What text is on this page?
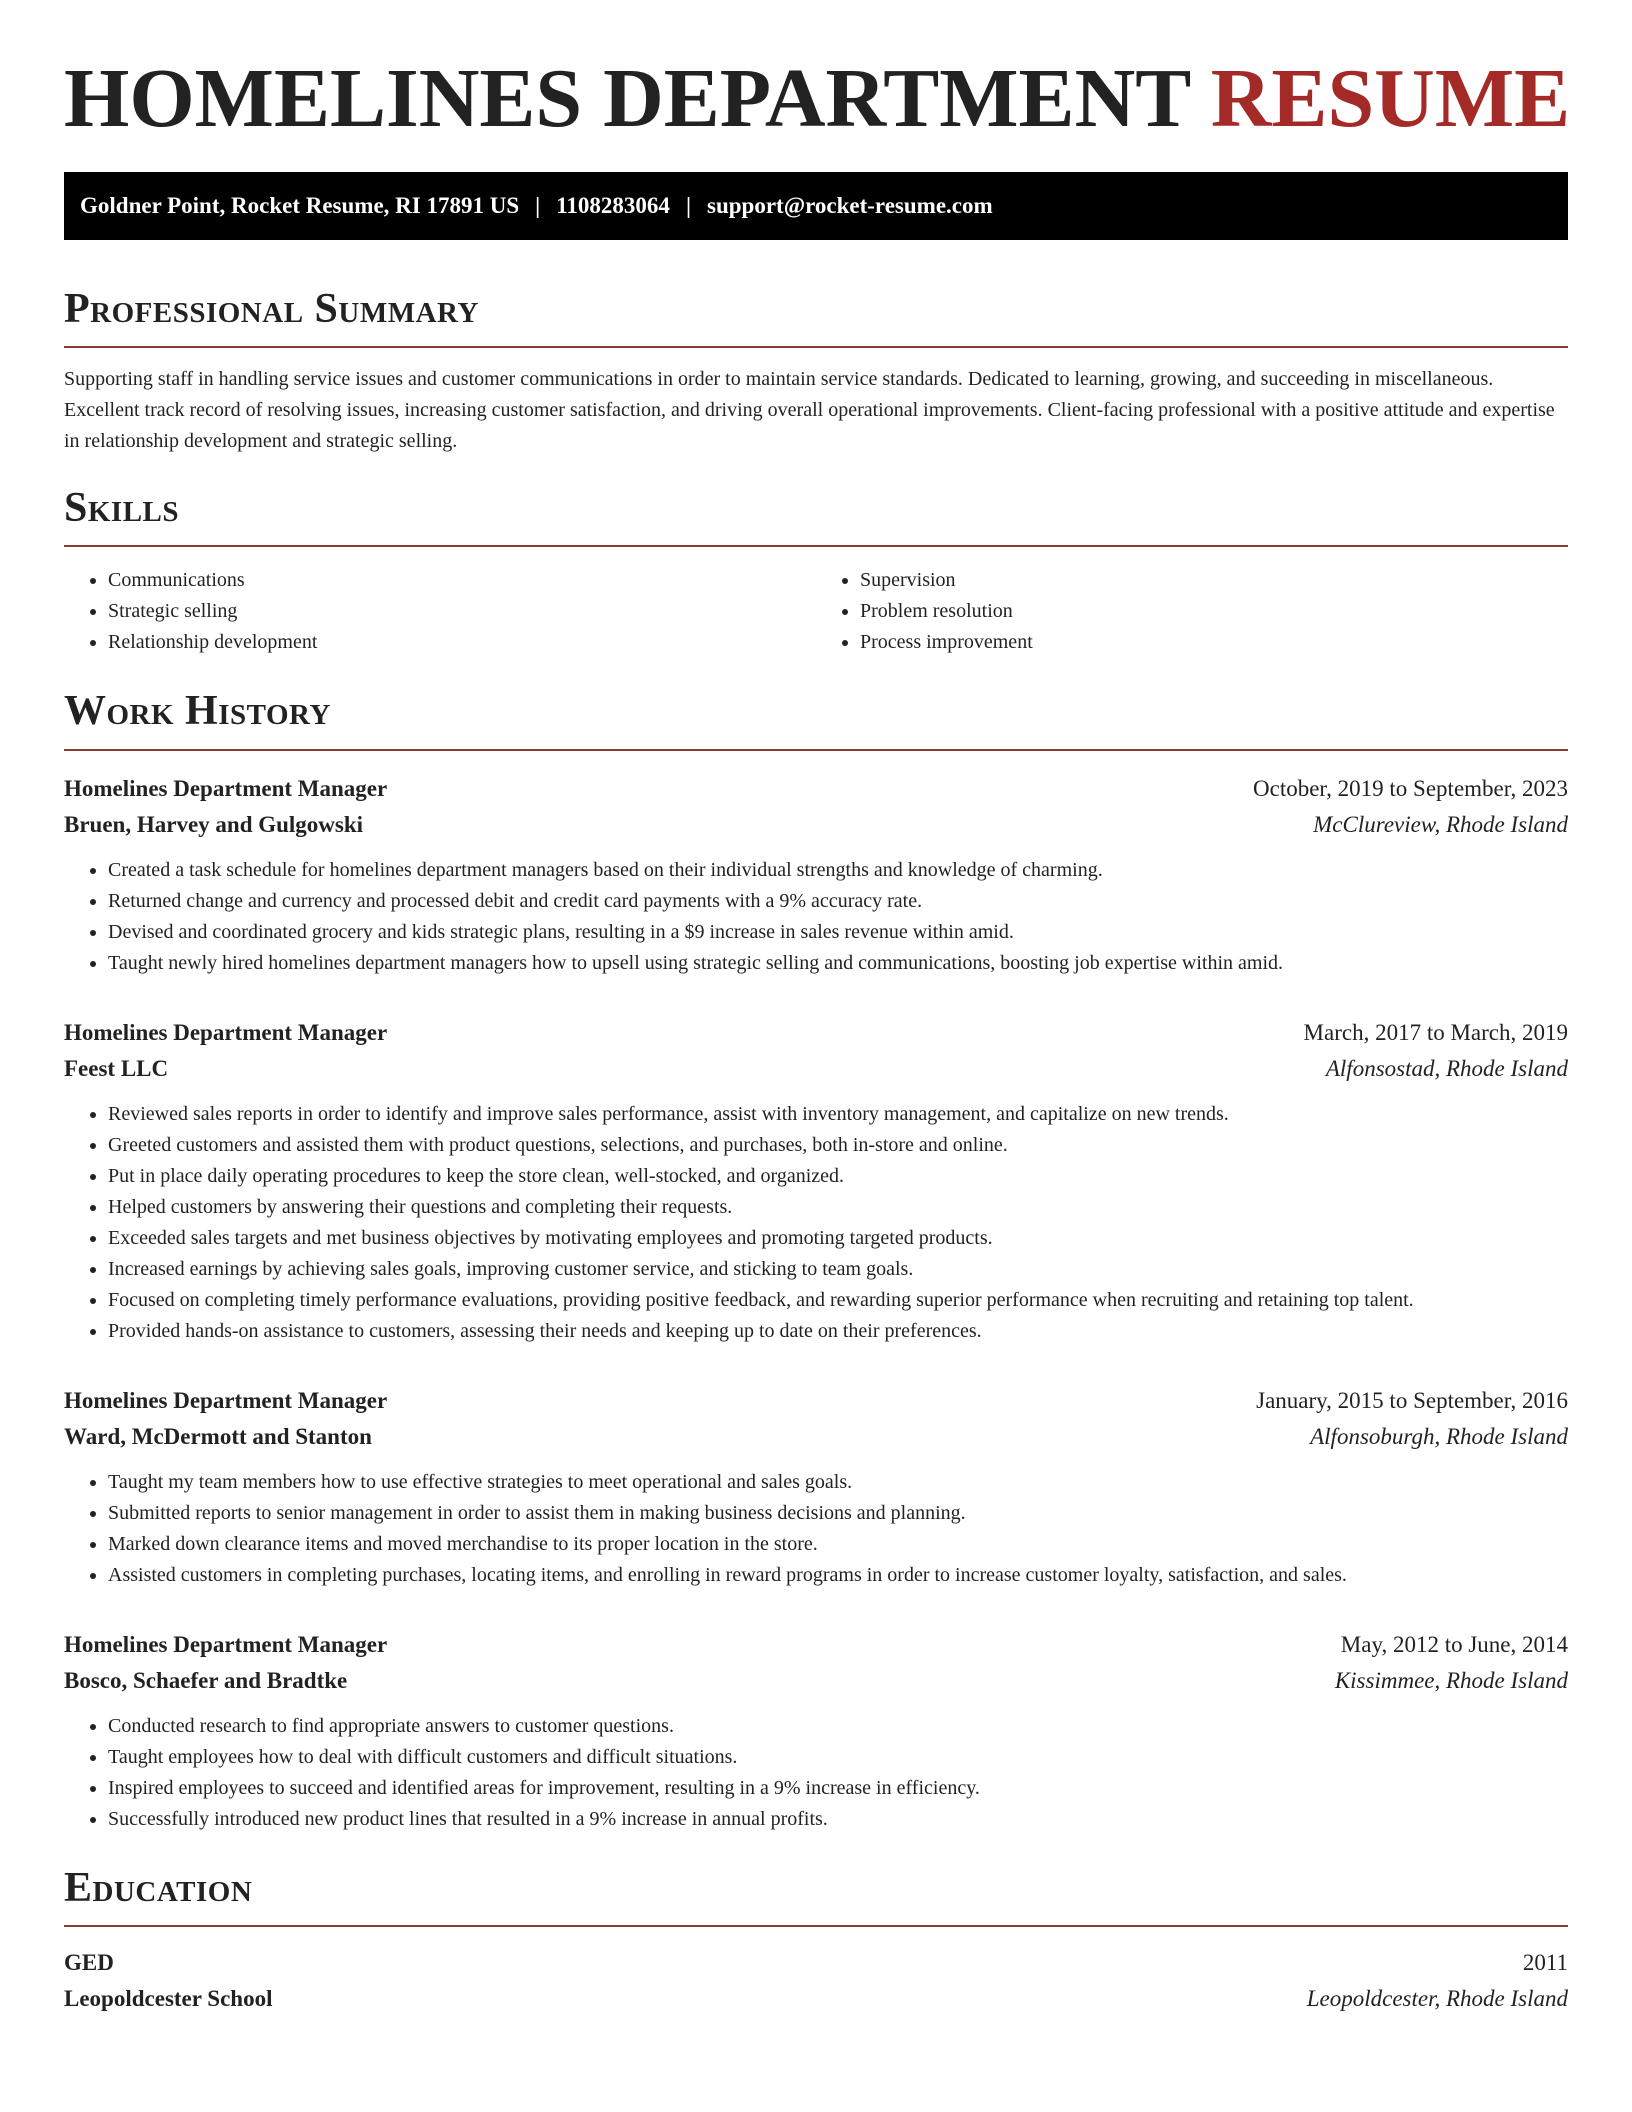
HOMELINES DEPARTMENT RESUME
Goldner Point, Rocket Resume, RI 17891 US | 1108283064 | support@rocket-resume.com
Professional Summary

Supporting staff in handling service issues and customer communications in order to maintain service standards. Dedicated to learning, growing, and succeeding in miscellaneous. Excellent track record of resolving issues, increasing customer satisfaction, and driving overall operational improvements. Client-facing professional with a positive attitude and expertise in relationship development and strategic selling.

Skills
• Communications
• Strategic selling
• Relationship development
• Supervision
• Problem resolution
• Process improvement
Work History
Homelines Department Manager	October, 2019 to September, 2023
Bruen, Harvey and Gulgowski	McClureview, Rhode Island
• Created a task schedule for homelines department managers based on their individual strengths and knowledge of charming.
• Returned change and currency and processed debit and credit card payments with a 9% accuracy rate.
• Devised and coordinated grocery and kids strategic plans, resulting in a $9 increase in sales revenue within amid.
• Taught newly hired homelines department managers how to upsell using strategic selling and communications, boosting job expertise within amid.
Homelines Department Manager	March, 2017 to March, 2019
Feest LLC	Alfonsostad, Rhode Island
• Reviewed sales reports in order to identify and improve sales performance, assist with inventory management, and capitalize on new trends.
• Greeted customers and assisted them with product questions, selections, and purchases, both in-store and online.
• Put in place daily operating procedures to keep the store clean, well-stocked, and organized.
• Helped customers by answering their questions and completing their requests.
• Exceeded sales targets and met business objectives by motivating employees and promoting targeted products.
• Increased earnings by achieving sales goals, improving customer service, and sticking to team goals.
• Focused on completing timely performance evaluations, providing positive feedback, and rewarding superior performance when recruiting and retaining top talent.
• Provided hands-on assistance to customers, assessing their needs and keeping up to date on their preferences.
Homelines Department Manager	January, 2015 to September, 2016
Ward, McDermott and Stanton	Alfonsoburgh, Rhode Island
• Taught my team members how to use effective strategies to meet operational and sales goals.
• Submitted reports to senior management in order to assist them in making business decisions and planning.
• Marked down clearance items and moved merchandise to its proper location in the store.
• Assisted customers in completing purchases, locating items, and enrolling in reward programs in order to increase customer loyalty, satisfaction, and sales.
Homelines Department Manager	May, 2012 to June, 2014
Bosco, Schaefer and Bradtke	Kissimmee, Rhode Island
• Conducted research to find appropriate answers to customer questions.
• Taught employees how to deal with difficult customers and difficult situations.
• Inspired employees to succeed and identified areas for improvement, resulting in a 9% increase in efficiency.
• Successfully introduced new product lines that resulted in a 9% increase in annual profits.
Education
GED	2011
Leopoldcester School	Leopoldcester, Rhode Island
